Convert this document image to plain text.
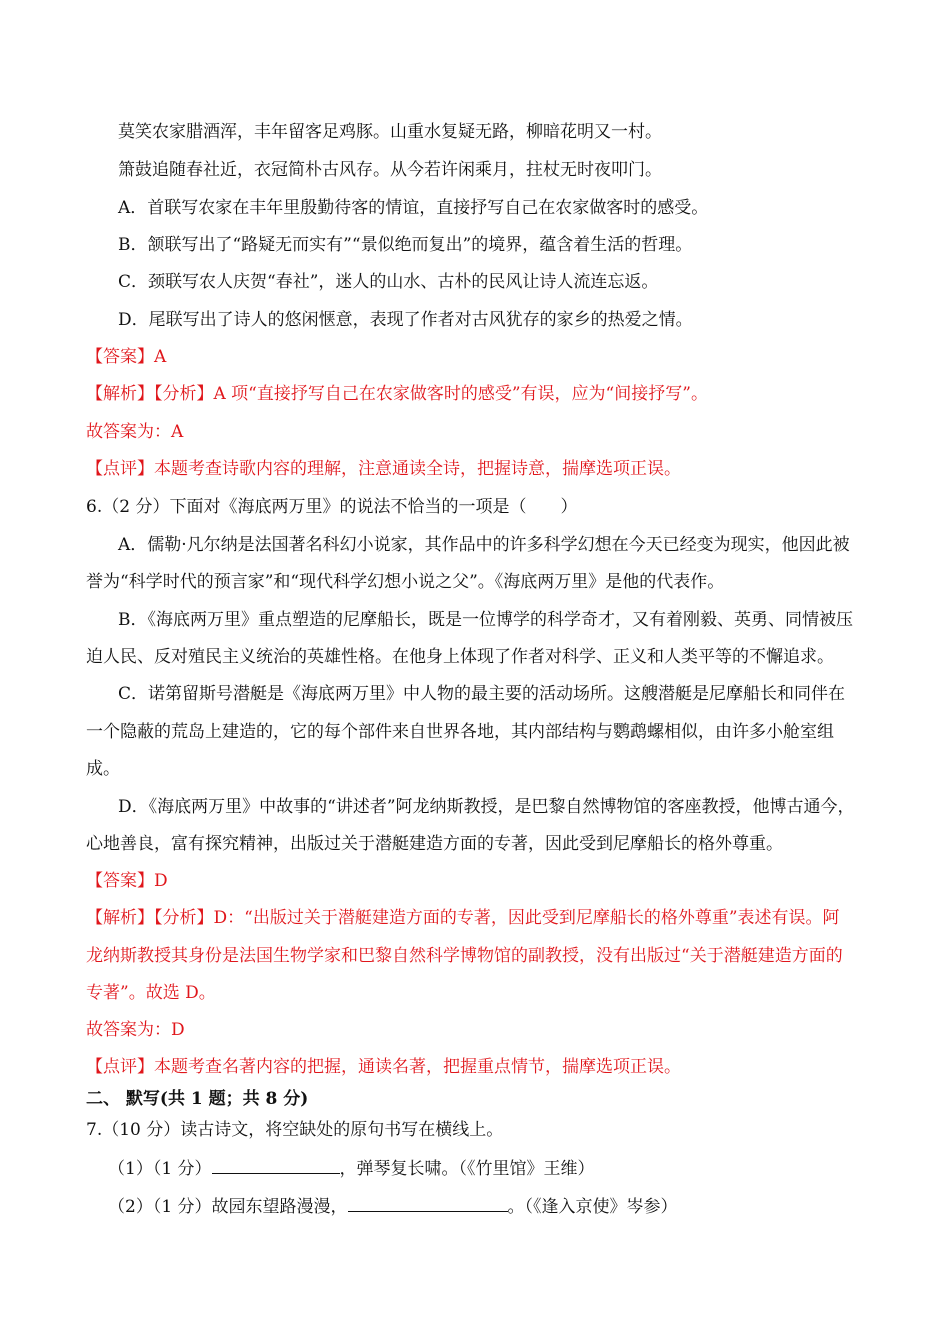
莫笑农家腊酒浑，丰年留客足鸡豚。山重水复疑无路，柳暗花明又一村。
箫鼓追随春社近，衣冠简朴古风存。从今若许闲乘月，拄杖无时夜叩门。
A．首联写农家在丰年里殷勤待客的情谊，直接抒写自己在农家做客时的感受。
B．颔联写出了“路疑无而实有”“景似绝而复出”的境界，蕴含着生活的哲理。
C．颈联写农人庆贺“春社”，迷人的山水、古朴的民风让诗人流连忘返。
D．尾联写出了诗人的悠闲惬意，表现了作者对古风犹存的家乡的热爱之情。
【答案】A
【解析】【分析】A 项“直接抒写自己在农家做客时的感受”有误，应为“间接抒写”。
故答案为：A
【点评】本题考查诗歌内容的理解，注意通读全诗，把握诗意，揣摩选项正误。
6.（2 分）下面对《海底两万里》的说法不恰当的一项是（　　）
A．儒勒·凡尔纳是法国著名科幻小说家，其作品中的许多科学幻想在今天已经变为现实，他因此被
誉为“科学时代的预言家”和“现代科学幻想小说之父”。《海底两万里》是他的代表作。
B．《海底两万里》重点塑造的尼摩船长，既是一位博学的科学奇才，又有着刚毅、英勇、同情被压
迫人民、反对殖民主义统治的英雄性格。在他身上体现了作者对科学、正义和人类平等的不懈追求。
C．诺第留斯号潜艇是《海底两万里》中人物的最主要的活动场所。这艘潜艇是尼摩船长和同伴在
一个隐蔽的荒岛上建造的，它的每个部件来自世界各地，其内部结构与鹦鹉螺相似，由许多小舱室组
成。
D．《海底两万里》中故事的“讲述者”阿龙纳斯教授，是巴黎自然博物馆的客座教授，他博古通今，
心地善良，富有探究精神，出版过关于潜艇建造方面的专著，因此受到尼摩船长的格外尊重。
【答案】D
【解析】【分析】D：“出版过关于潜艇建造方面的专著，因此受到尼摩船长的格外尊重”表述有误。阿
龙纳斯教授其身份是法国生物学家和巴黎自然科学博物馆的副教授，没有出版过“关于潜艇建造方面的
专著”。故选 D。
故答案为：D
【点评】本题考查名著内容的把握，通读名著，把握重点情节，揣摩选项正误。
二、 默写(共 1 题；共 8 分)
7.（10 分）读古诗文，将空缺处的原句书写在横线上。
（1）（1 分）	，弹琴复长啸。（《竹里馆》王维）
（2）（1 分）故园东望路漫漫，	。（《逢入京使》岑参）
